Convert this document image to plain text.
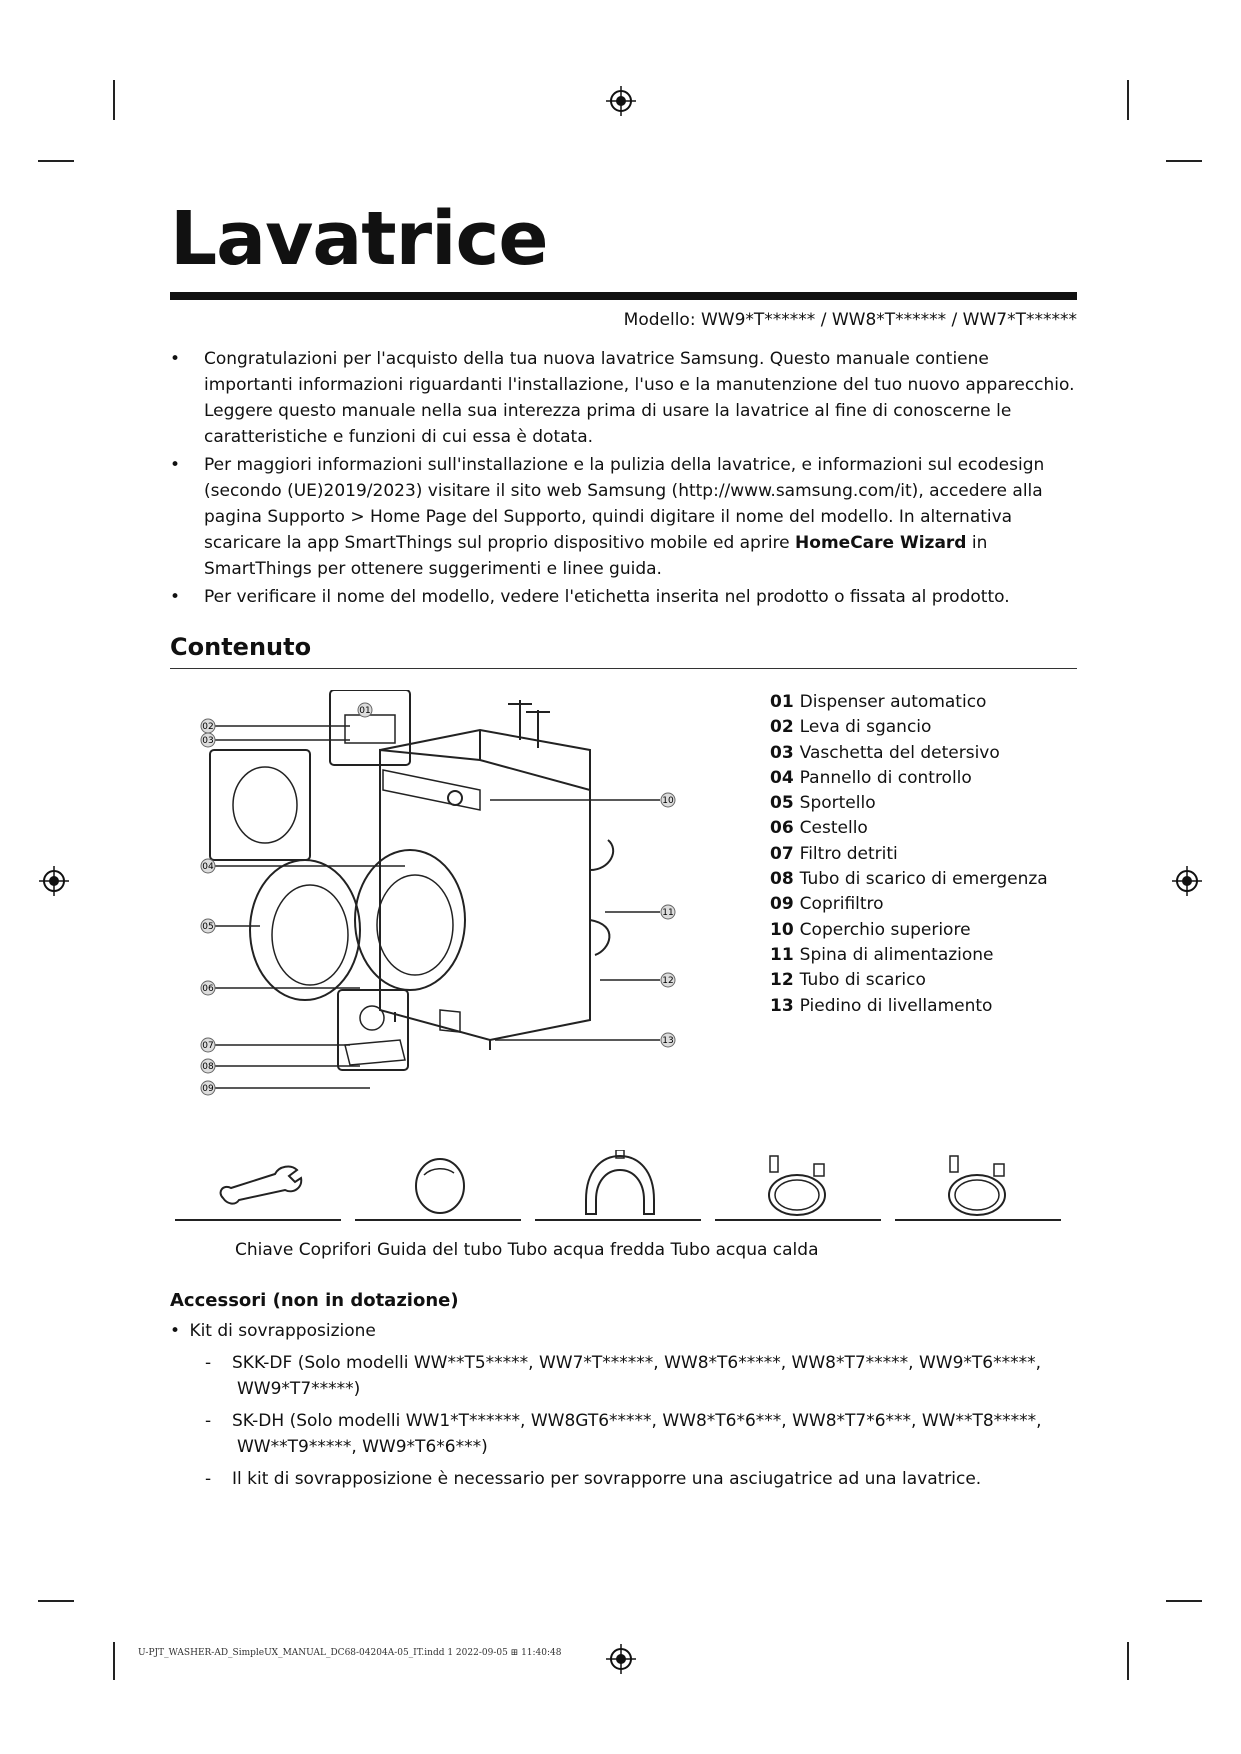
Lavatrice
Modello: WW9*T****** / WW8*T****** / WW7*T******
• Congratulazioni per l'acquisto della tua nuova lavatrice Samsung. Questo manuale contiene importanti informazioni riguardanti l'installazione, l'uso e la manutenzione del tuo nuovo apparecchio. Leggere questo manuale nella sua interezza prima di usare la lavatrice al fine di conoscerne le caratteristiche e funzioni di cui essa è dotata.
• Per maggiori informazioni sull'installazione e la pulizia della lavatrice, e informazioni sul ecodesign (secondo (UE)2019/2023) visitare il sito web Samsung (http://www.samsung.com/it), accedere alla pagina Supporto > Home Page del Supporto, quindi digitare il nome del modello. In alternativa scaricare la app SmartThings sul proprio dispositivo mobile ed aprire HomeCare Wizard in SmartThings per ottenere suggerimenti e linee guida.
• Per verificare il nome del modello, vedere l'etichetta inserita nel prodotto o fissata al prodotto.
Contenuto
01
02
03
04
05
06
07
08
09
10
11
12
13
01 Dispenser automatico
02 Leva di sgancio
03 Vaschetta del detersivo
04 Pannello di controllo
05 Sportello
06 Cestello
07 Filtro detriti
08 Tubo di scarico di emergenza
09 Coprifiltro
10 Coperchio superiore
11 Spina di alimentazione
12 Tubo di scarico
13 Piedino di livellamento
Chiave Coprifori Guida del tubo Tubo acqua fredda Tubo acqua calda
Accessori (non in dotazione)
• Kit di sovrapposizione
- SKK-DF (Solo modelli WW**T5*****, WW7*T******, WW8*T6*****, WW8*T7*****, WW9*T6*****,
WW9*T7*****)
- SK-DH (Solo modelli WW1*T******, WW8GT6*****, WW8*T6*6***, WW8*T7*6***, WW**T8*****,
WW**T9*****, WW9*T6*6***)
- Il kit di sovrapposizione è necessario per sovrapporre una asciugatrice ad una lavatrice.
U-PJT_WASHER-AD_SimpleUX_MANUAL_DC68-04204A-05_IT.indd 1 2022-09-05 ⊞ 11:40:48
